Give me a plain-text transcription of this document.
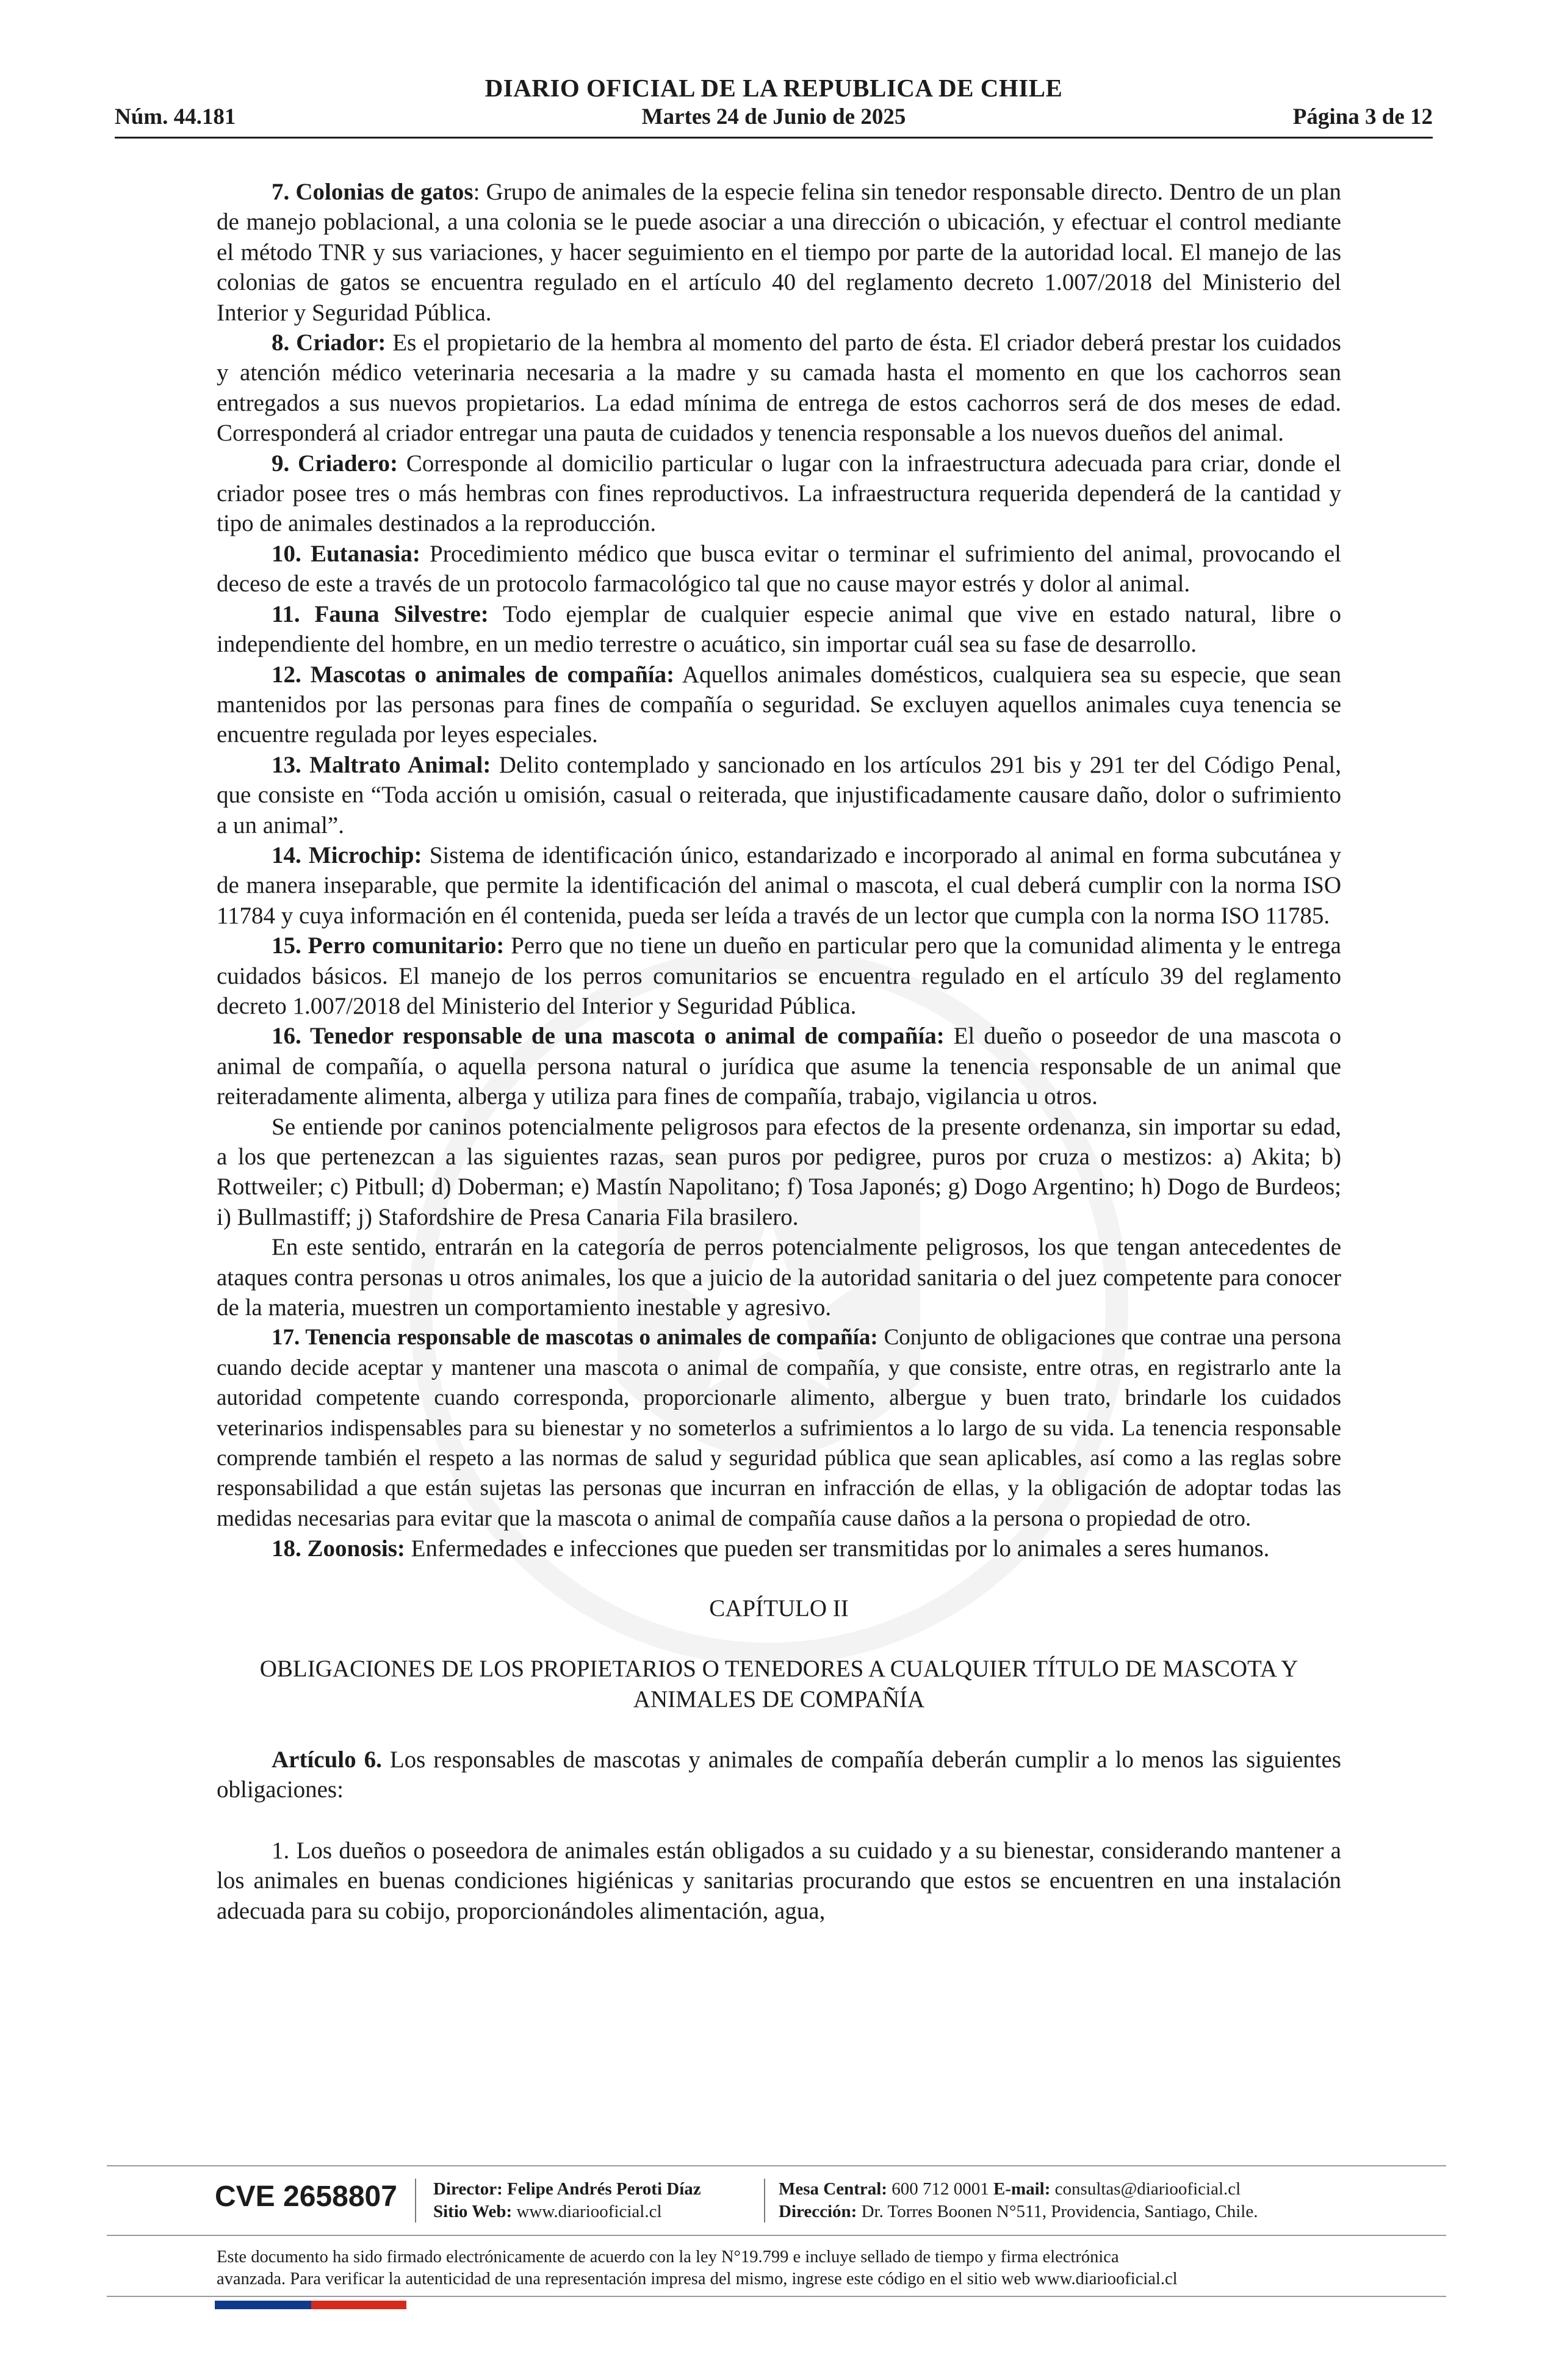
DIARIO OFICIAL DE LA REPUBLICA DE CHILE
Núm. 44.181	Martes 24 de Junio de 2025	Página 3 de 12

7. Colonias de gatos: Grupo de animales de la especie felina sin tenedor responsable directo. Dentro de un plan de manejo poblacional, a una colonia se le puede asociar a una dirección o ubicación, y efectuar el control mediante el método TNR y sus variaciones, y hacer seguimiento en el tiempo por parte de la autoridad local. El manejo de las colonias de gatos se encuentra regulado en el artículo 40 del reglamento decreto 1.007/2018 del Ministerio del Interior y Seguridad Pública.

8. Criador: Es el propietario de la hembra al momento del parto de ésta. El criador deberá prestar los cuidados y atención médico veterinaria necesaria a la madre y su camada hasta el momento en que los cachorros sean entregados a sus nuevos propietarios. La edad mínima de entrega de estos cachorros será de dos meses de edad. Corresponderá al criador entregar una pauta de cuidados y tenencia responsable a los nuevos dueños del animal.

9. Criadero: Corresponde al domicilio particular o lugar con la infraestructura adecuada para criar, donde el criador posee tres o más hembras con fines reproductivos. La infraestructura requerida dependerá de la cantidad y tipo de animales destinados a la reproducción.

10. Eutanasia: Procedimiento médico que busca evitar o terminar el sufrimiento del animal, provocando el deceso de este a través de un protocolo farmacológico tal que no cause mayor estrés y dolor al animal.

11. Fauna Silvestre: Todo ejemplar de cualquier especie animal que vive en estado natural, libre o independiente del hombre, en un medio terrestre o acuático, sin importar cuál sea su fase de desarrollo.

12. Mascotas o animales de compañía: Aquellos animales domésticos, cualquiera sea su especie, que sean mantenidos por las personas para fines de compañía o seguridad. Se excluyen aquellos animales cuya tenencia se encuentre regulada por leyes especiales.

13. Maltrato Animal: Delito contemplado y sancionado en los artículos 291 bis y 291 ter del Código Penal, que consiste en “Toda acción u omisión, casual o reiterada, que injustificadamente causare daño, dolor o sufrimiento a un animal”.

14. Microchip: Sistema de identificación único, estandarizado e incorporado al animal en forma subcutánea y de manera inseparable, que permite la identificación del animal o mascota, el cual deberá cumplir con la norma ISO 11784 y cuya información en él contenida, pueda ser leída a través de un lector que cumpla con la norma ISO 11785.

15. Perro comunitario: Perro que no tiene un dueño en particular pero que la comunidad alimenta y le entrega cuidados básicos. El manejo de los perros comunitarios se encuentra regulado en el artículo 39 del reglamento decreto 1.007/2018 del Ministerio del Interior y Seguridad Pública.

16. Tenedor responsable de una mascota o animal de compañía: El dueño o poseedor de una mascota o animal de compañía, o aquella persona natural o jurídica que asume la tenencia responsable de un animal que reiteradamente alimenta, alberga y utiliza para fines de compañía, trabajo, vigilancia u otros.

Se entiende por caninos potencialmente peligrosos para efectos de la presente ordenanza, sin importar su edad, a los que pertenezcan a las siguientes razas, sean puros por pedigree, puros por cruza o mestizos: a) Akita; b) Rottweiler; c) Pitbull; d) Doberman; e) Mastín Napolitano; f) Tosa Japonés; g) Dogo Argentino; h) Dogo de Burdeos; i) Bullmastiff; j) Stafordshire de Presa Canaria Fila brasilero.

En este sentido, entrarán en la categoría de perros potencialmente peligrosos, los que tengan antecedentes de ataques contra personas u otros animales, los que a juicio de la autoridad sanitaria o del juez competente para conocer de la materia, muestren un comportamiento inestable y agresivo.

17. Tenencia responsable de mascotas o animales de compañía: Conjunto de obligaciones que contrae una persona cuando decide aceptar y mantener una mascota o animal de compañía, y que consiste, entre otras, en registrarlo ante la autoridad competente cuando corresponda, proporcionarle alimento, albergue y buen trato, brindarle los cuidados veterinarios indispensables para su bienestar y no someterlos a sufrimientos a lo largo de su vida. La tenencia responsable comprende también el respeto a las normas de salud y seguridad pública que sean aplicables, así como a las reglas sobre responsabilidad a que están sujetas las personas que incurran en infracción de ellas, y la obligación de adoptar todas las medidas necesarias para evitar que la mascota o animal de compañía cause daños a la persona o propiedad de otro.

18. Zoonosis: Enfermedades e infecciones que pueden ser transmitidas por lo animales a seres humanos.

CAPÍTULO II

OBLIGACIONES DE LOS PROPIETARIOS O TENEDORES A CUALQUIER TÍTULO DE MASCOTA Y ANIMALES DE COMPAÑÍA

Artículo 6. Los responsables de mascotas y animales de compañía deberán cumplir a lo menos las siguientes obligaciones:

1. Los dueños o poseedora de animales están obligados a su cuidado y a su bienestar, considerando mantener a los animales en buenas condiciones higiénicas y sanitarias procurando que estos se encuentren en una instalación adecuada para su cobijo, proporcionándoles alimentación, agua,

CVE 2658807 Director: Felipe Andrés Peroti Díaz
Sitio Web: www.diariooficial.cl
Mesa Central: 600 712 0001 E-mail: consultas@diariooficial.cl
Dirección: Dr. Torres Boonen N°511, Providencia, Santiago, Chile.
Este documento ha sido firmado electrónicamente de acuerdo con la ley N°19.799 e incluye sellado de tiempo y firma electrónica
avanzada. Para verificar la autenticidad de una representación impresa del mismo, ingrese este código en el sitio web www.diariooficial.cl
